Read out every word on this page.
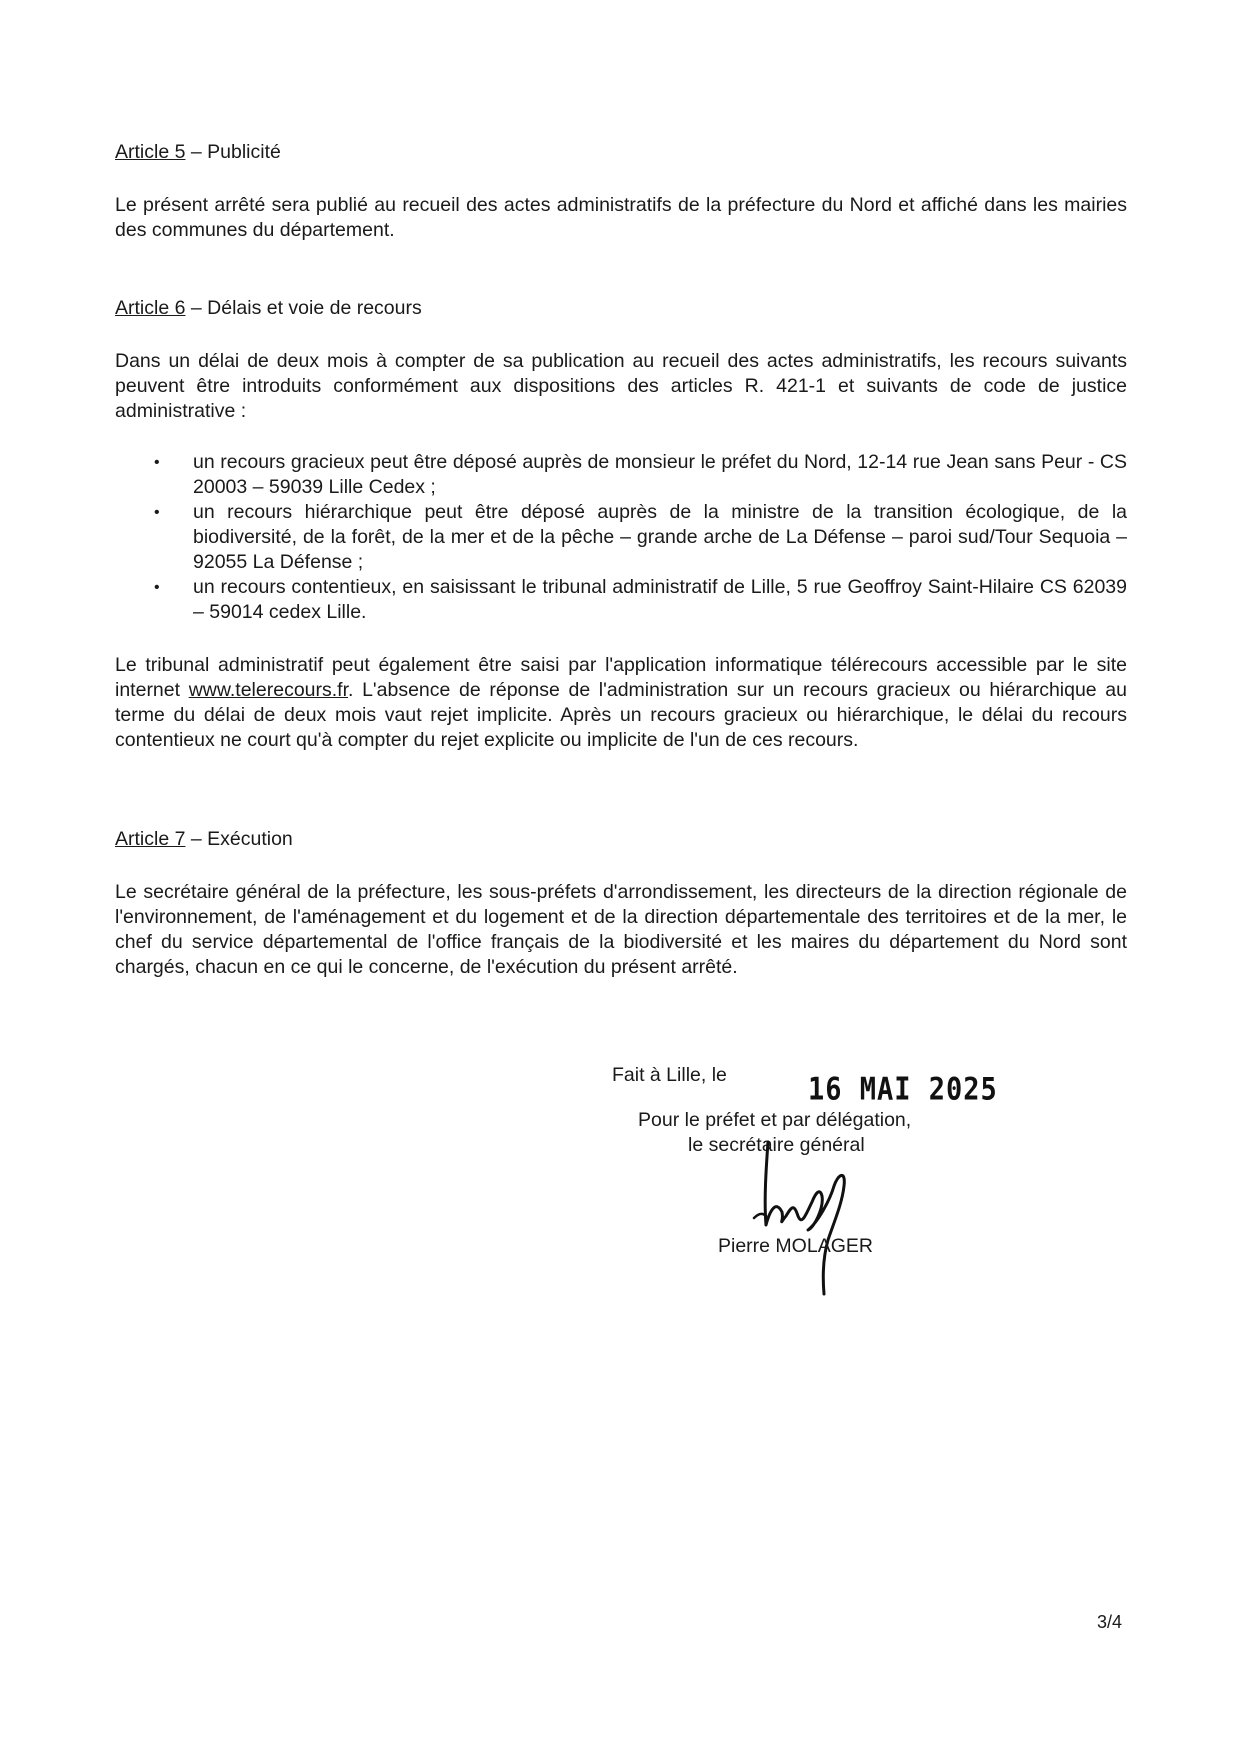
Article 5 – Publicité

Le présent arrêté sera publié au recueil des actes administratifs de la préfecture du Nord et affiché dans les mairies des communes du département.

Article 6 – Délais et voie de recours

Dans un délai de deux mois à compter de sa publication au recueil des actes administratifs, les recours suivants peuvent être introduits conformément aux dispositions des articles R. 421-1 et suivants de code de justice administrative :

• un recours gracieux peut être déposé auprès de monsieur le préfet du Nord, 12-14 rue Jean sans Peur - CS 20003 – 59039 Lille Cedex ;
• un recours hiérarchique peut être déposé auprès de la ministre de la transition écologique, de la biodiversité, de la forêt, de la mer et de la pêche – grande arche de La Défense – paroi sud/Tour Sequoia – 92055 La Défense ;
• un recours contentieux, en saisissant le tribunal administratif de Lille, 5 rue Geoffroy Saint-Hilaire CS 62039 – 59014 cedex Lille.

Le tribunal administratif peut également être saisi par l'application informatique télérecours accessible par le site internet www.telerecours.fr. L'absence de réponse de l'administration sur un recours gracieux ou hiérarchique au terme du délai de deux mois vaut rejet implicite. Après un recours gracieux ou hiérarchique, le délai du recours contentieux ne court qu'à compter du rejet explicite ou implicite de l'un de ces recours.

Article 7 – Exécution

Le secrétaire général de la préfecture, les sous-préfets d'arrondissement, les directeurs de la direction régionale de l'environnement, de l'aménagement et du logement et de la direction départementale des territoires et de la mer, le chef du service départemental de l'office français de la biodiversité et les maires du département du Nord sont chargés, chacun en ce qui le concerne, de l'exécution du présent arrêté.

Fait à Lille, le	16 MAI 2025
Pour le préfet et par délégation,
le secrétaire général
Pierre MOLAGER
3/4
